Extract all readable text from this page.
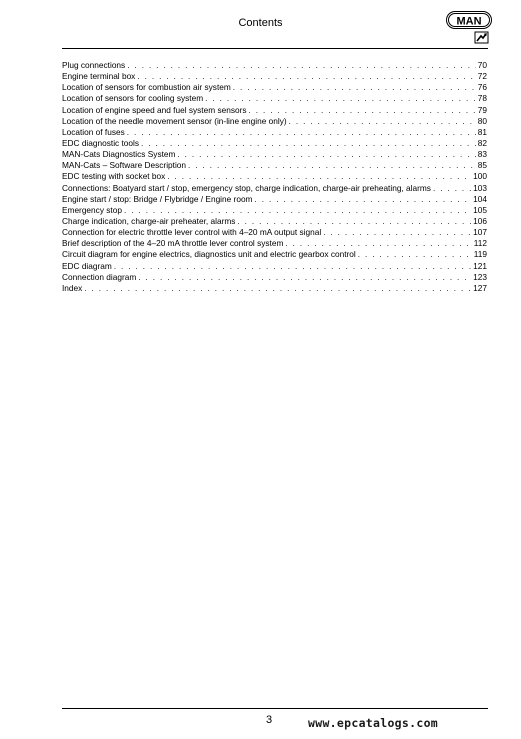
Contents	MAN
Plug connections . . .	70
Engine terminal box . . .	72
Location of sensors for combustion air system . . .	76
Location of sensors for cooling system . . .	78
Location of engine speed and fuel system sensors . . .	79
Location of the needle movement sensor (in-line engine only) . . .	80
Location of fuses . . .	81
EDC diagnostic tools . . .	82
MAN-Cats Diagnostics System . . .	83
MAN-Cats – Software Description . . .	85
EDC testing with socket box . . .	100
Connections: Boatyard start / stop, emergency stop, charge indication, charge-air preheating, alarms . . .	103
Engine start / stop: Bridge / Flybridge / Engine room . . .	104
Emergency stop . . .	105
Charge indication, charge-air preheater, alarms . . .	106
Connection for electric throttle lever control with 4–20 mA output signal . . .	107
Brief description of the 4–20 mA throttle lever control system . . .	112
Circuit diagram for engine electrics, diagnostics unit and electric gearbox control . . .	119
EDC diagram . . .	121
Connection diagram . . .	123
Index . . .	127
3	www.epcatalogs.com
